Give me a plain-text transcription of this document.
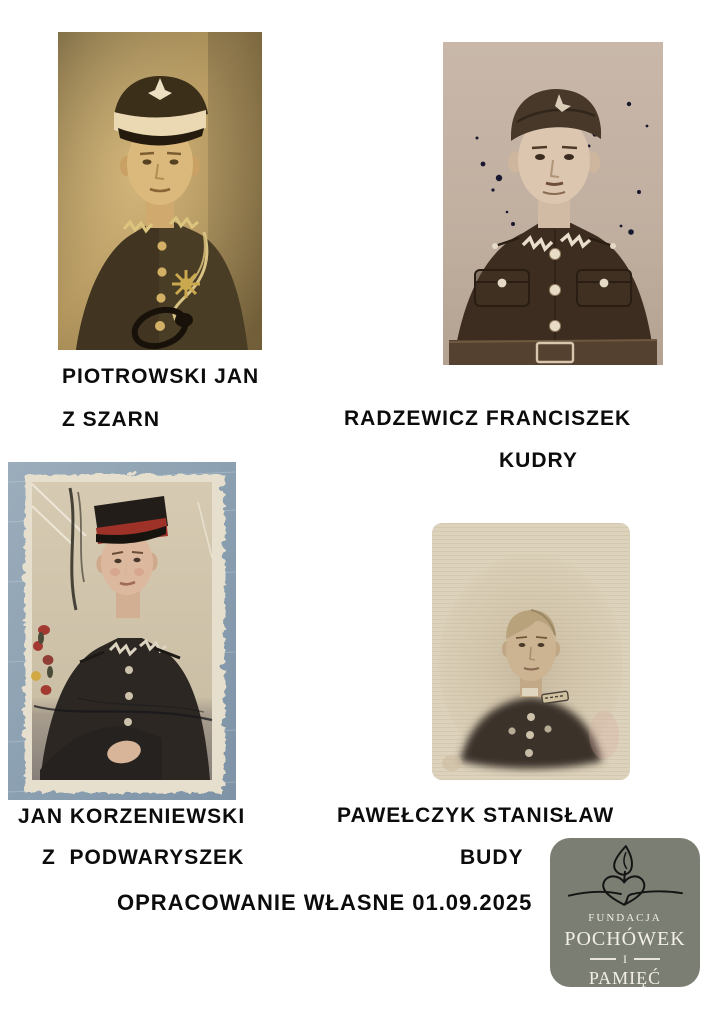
PIOTROWSKI JAN
Z SZARN	RADZEWICZ FRANCISZEK
KUDRY
JAN KORZENIEWSKI
Z  PODWARYSZEK
PAWEŁCZYK STANISŁAW
BUDY
OPRACOWANIE WŁASNE 01.09.2025
FUNDACJA
POCHÓWEK
I
PAMIĘĆ
